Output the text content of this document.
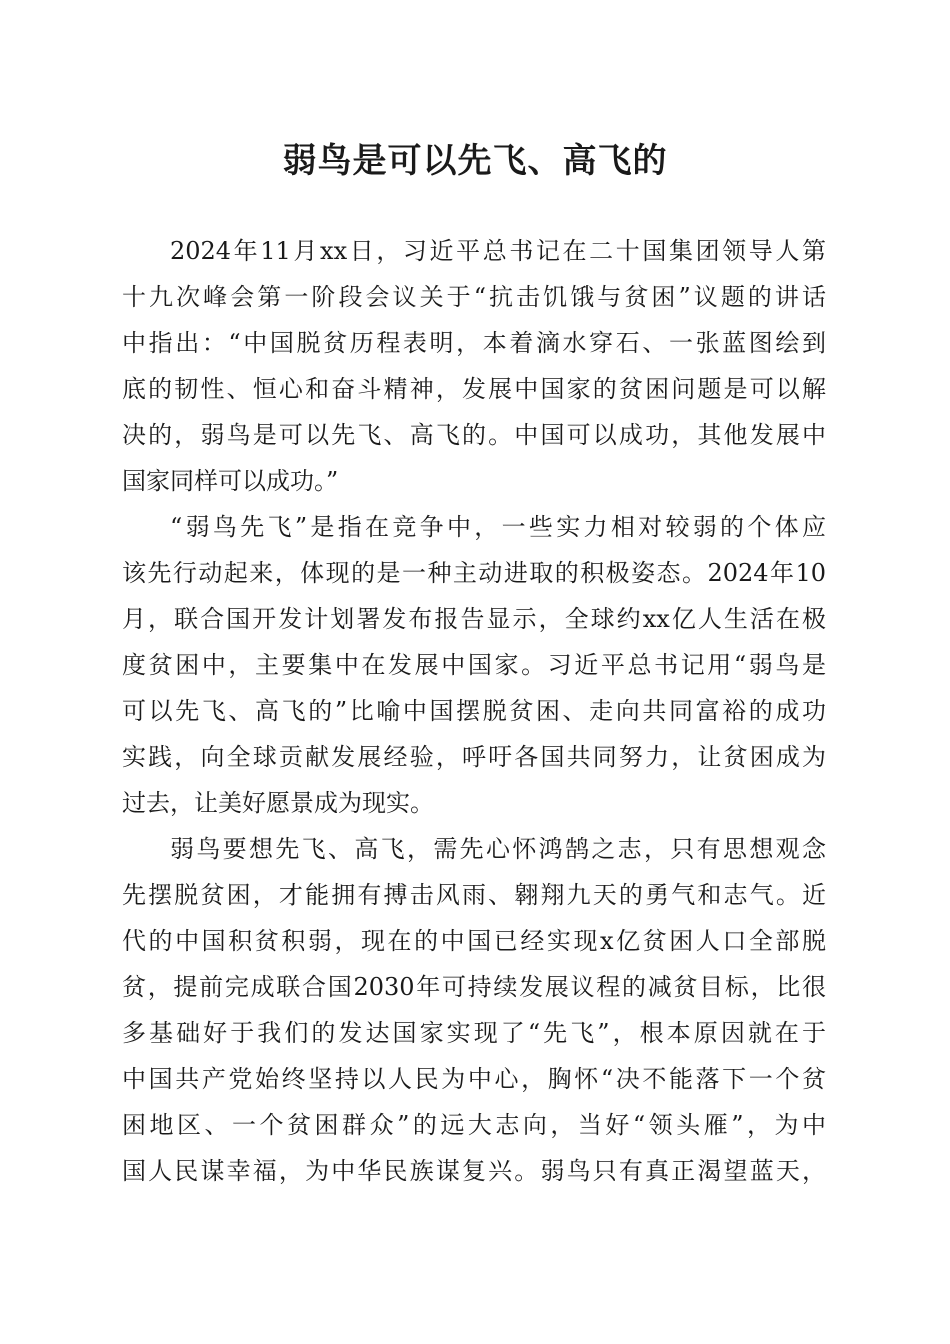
弱鸟是可以先飞、高飞的
2024年11月xx日，习近平总书记在二十国集团领导人第
十九次峰会第一阶段会议关于“抗击饥饿与贫困”议题的讲话
中指出：“中国脱贫历程表明，本着滴水穿石、一张蓝图绘到
底的韧性、恒心和奋斗精神，发展中国家的贫困问题是可以解
决的，弱鸟是可以先飞、高飞的。中国可以成功，其他发展中
国家同样可以成功。”
“弱鸟先飞”是指在竞争中，一些实力相对较弱的个体应
该先行动起来，体现的是一种主动进取的积极姿态。2024年10
月，联合国开发计划署发布报告显示，全球约xx亿人生活在极
度贫困中，主要集中在发展中国家。习近平总书记用“弱鸟是
可以先飞、高飞的”比喻中国摆脱贫困、走向共同富裕的成功
实践，向全球贡献发展经验，呼吁各国共同努力，让贫困成为
过去，让美好愿景成为现实。
弱鸟要想先飞、高飞，需先心怀鸿鹄之志，只有思想观念
先摆脱贫困，才能拥有搏击风雨、翱翔九天的勇气和志气。近
代的中国积贫积弱，现在的中国已经实现x亿贫困人口全部脱
贫，提前完成联合国2030年可持续发展议程的减贫目标，比很
多基础好于我们的发达国家实现了“先飞”，根本原因就在于
中国共产党始终坚持以人民为中心，胸怀“决不能落下一个贫
困地区、一个贫困群众”的远大志向，当好“领头雁”，为中
国人民谋幸福，为中华民族谋复兴。弱鸟只有真正渴望蓝天，
